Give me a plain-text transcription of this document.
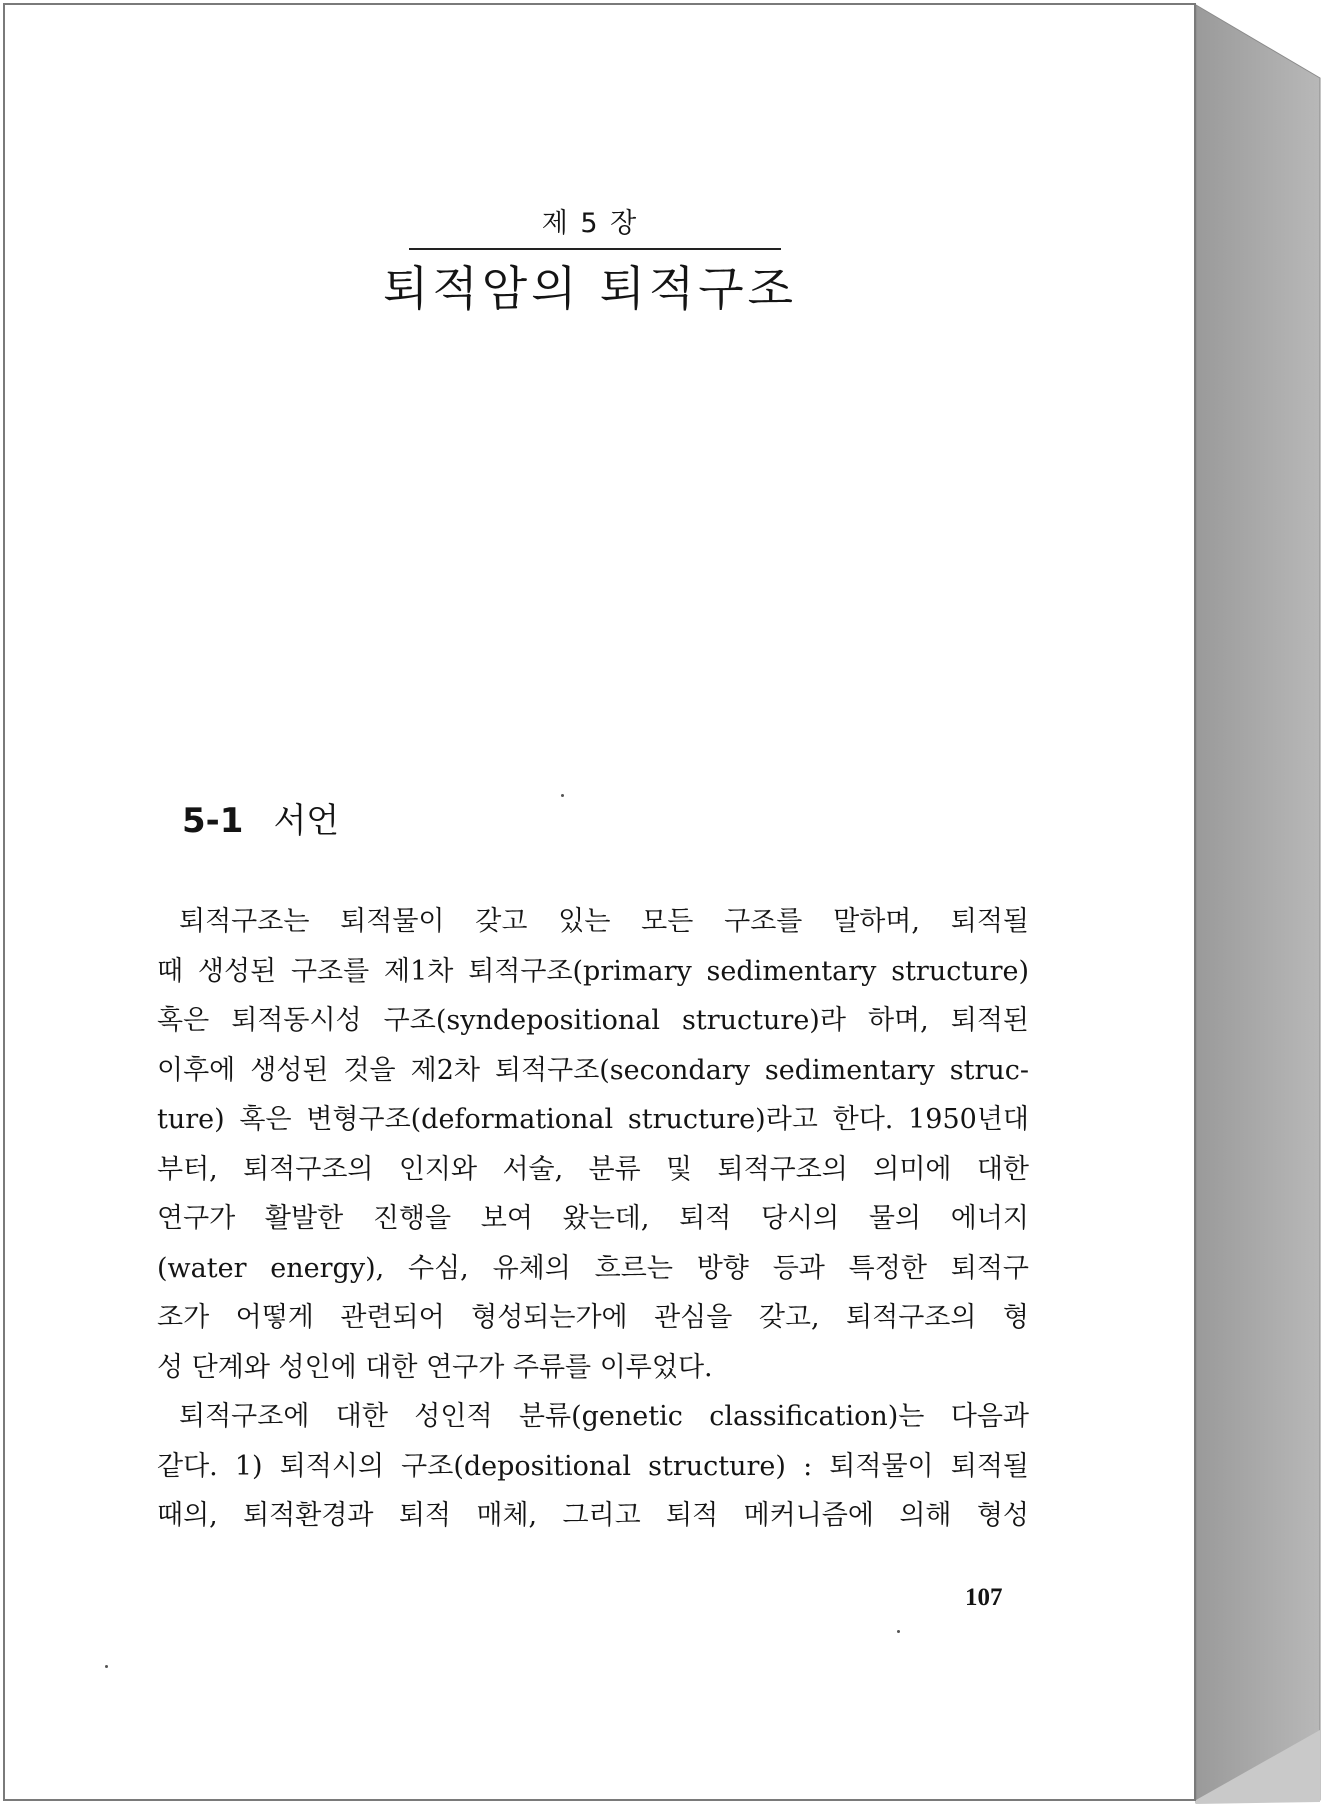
제 5 장
퇴적암의 퇴적구조
5-1 서언
퇴적구조는 퇴적물이 갖고 있는 모든 구조를 말하며, 퇴적될
때 생성된 구조를 제1차 퇴적구조(primary sedimentary structure)
혹은 퇴적동시성 구조(syndepositional structure)라 하며, 퇴적된
이후에 생성된 것을 제2차 퇴적구조(secondary sedimentary struc-
ture) 혹은 변형구조(deformational structure)라고 한다. 1950년대
부터, 퇴적구조의 인지와 서술, 분류 및 퇴적구조의 의미에 대한
연구가 활발한 진행을 보여 왔는데, 퇴적 당시의 물의 에너지
(water energy), 수심, 유체의 흐르는 방향 등과 특정한 퇴적구
조가 어떻게 관련되어 형성되는가에 관심을 갖고, 퇴적구조의 형
성 단계와 성인에 대한 연구가 주류를 이루었다.
퇴적구조에 대한 성인적 분류(genetic classification)는 다음과
같다. 1) 퇴적시의 구조(depositional structure) : 퇴적물이 퇴적될
때의, 퇴적환경과 퇴적 매체, 그리고 퇴적 메커니즘에 의해 형성
107
